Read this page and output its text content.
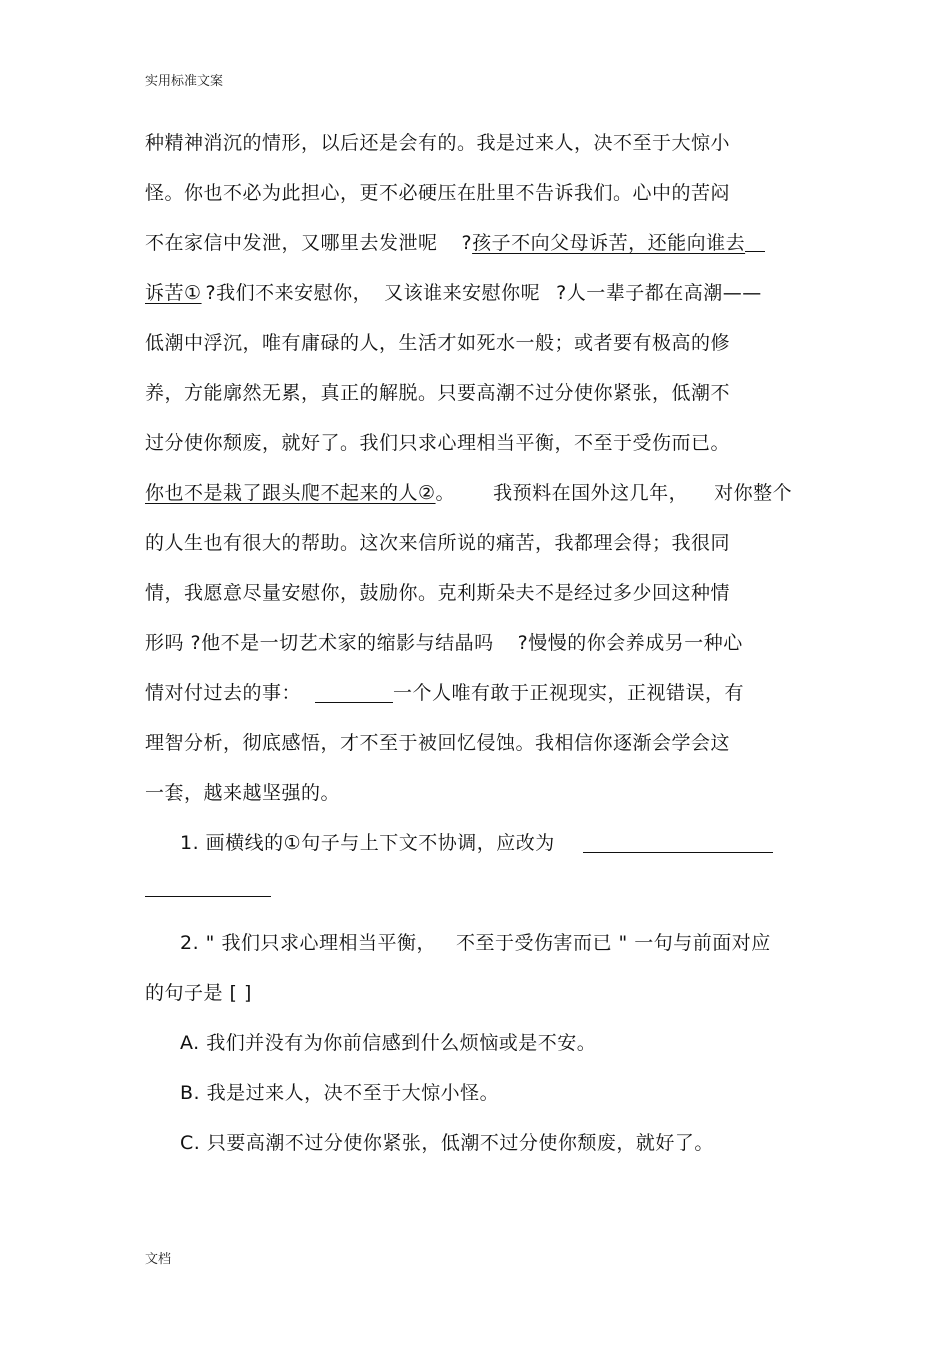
实用标准文案
种精神消沉的情形，以后还是会有的。我是过来人，决不至于大惊小
怪。你也不必为此担心，更不必硬压在肚里不告诉我们。心中的苦闷
不在家信中发泄，又哪里去发泄呢 ?孩子不向父母诉苦，还能向谁去
诉苦① ?我们不来安慰你， 又该谁来安慰你呢 ?人一辈子都在高潮——
低潮中浮沉，唯有庸碌的人，生活才如死水一般；或者要有极高的修
养，方能廓然无累，真正的解脱。只要高潮不过分使你紧张，低潮不
过分使你颓废，就好了。我们只求心理相当平衡，不至于受伤而已。
你也不是栽了跟头爬不起来的人②。 我预料在国外这几年， 对你整个
的人生也有很大的帮助。这次来信所说的痛苦，我都理会得；我很同
情，我愿意尽量安慰你，鼓励你。克利斯朵夫不是经过多少回这种情
形吗 ?他不是一切艺术家的缩影与结晶吗 ?慢慢的你会养成另一种心
情对付过去的事：	一个人唯有敢于正视现实，正视错误，有
理智分析，彻底感悟，才不至于被回忆侵蚀。我相信你逐渐会学会这
一套，越来越坚强的。
1. 画横线的①句子与上下文不协调，应改为
2. " 我们只求心理相当平衡， 不至于受伤害而已 " 一句与前面对应
的句子是 [ ]
A. 我们并没有为你前信感到什么烦恼或是不安。
B. 我是过来人，决不至于大惊小怪。
C. 只要高潮不过分使你紧张，低潮不过分使你颓废，就好了。
文档
